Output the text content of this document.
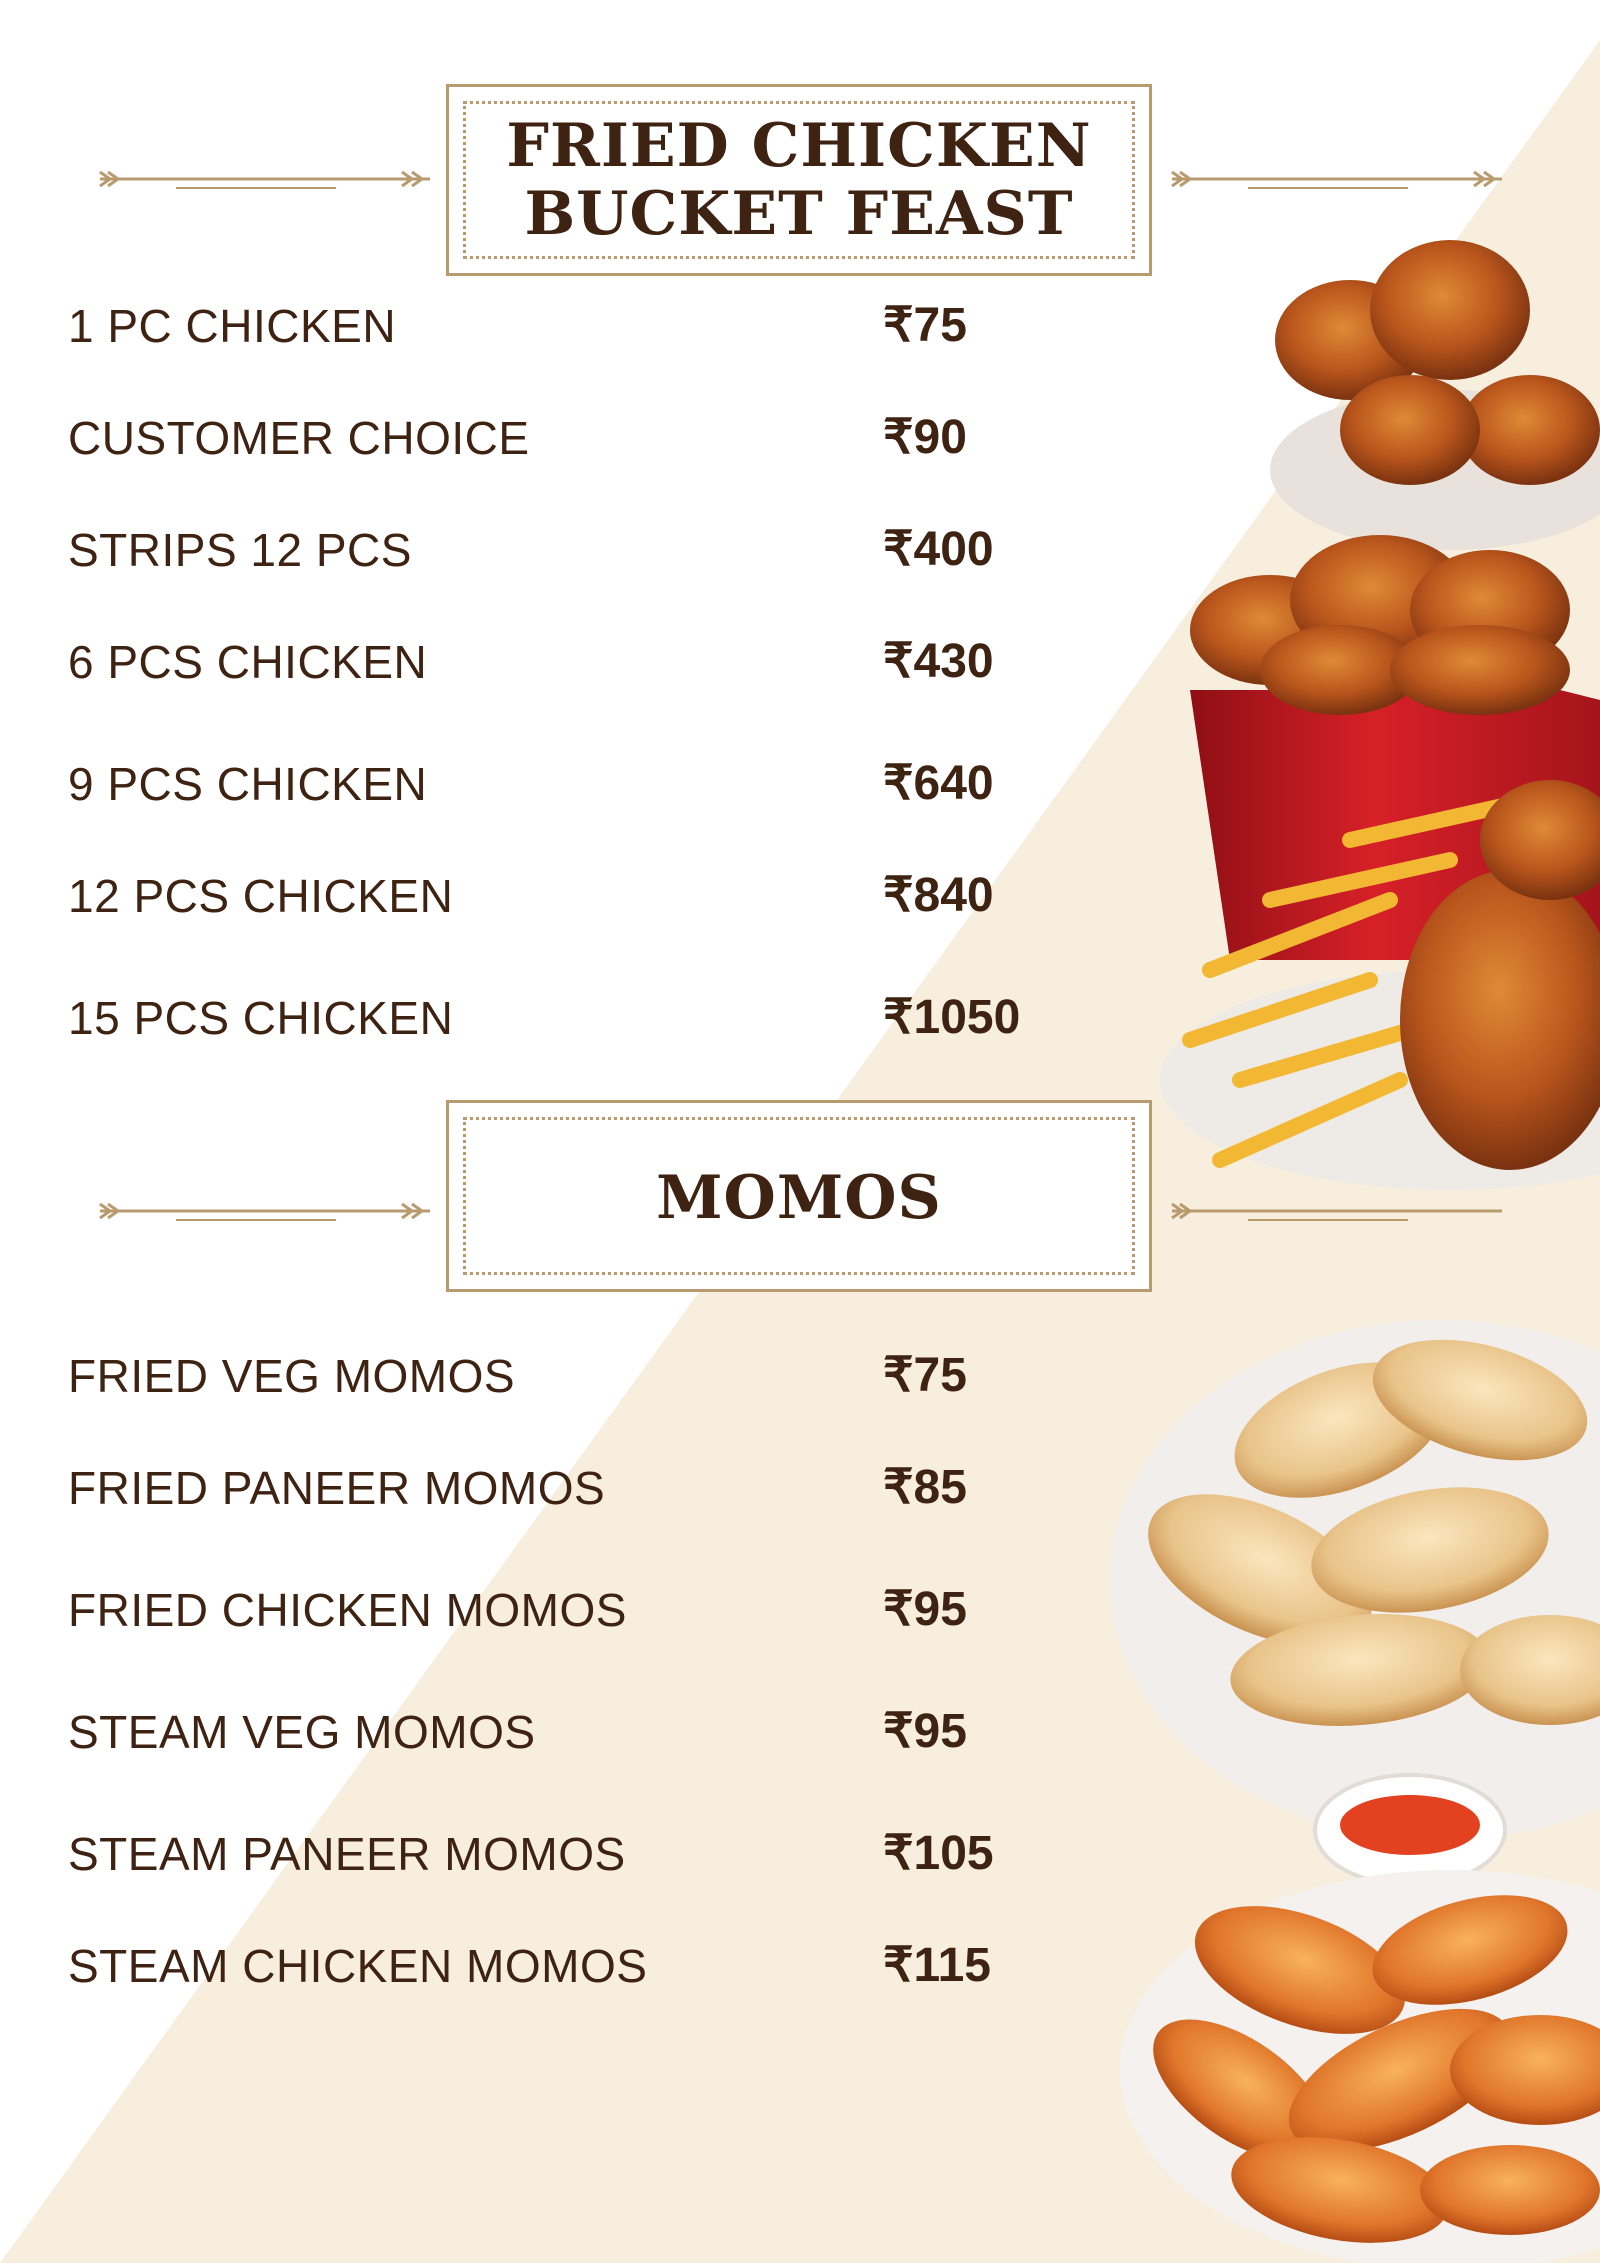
FRIED CHICKEN
BUCKET FEAST
1 PC CHICKEN	₹75
CUSTOMER CHOICE	₹90
STRIPS 12 PCS	₹400
6 PCS CHICKEN	₹430
9 PCS CHICKEN	₹640
12 PCS CHICKEN	₹840
15 PCS CHICKEN	₹1050
MOMOS
FRIED VEG MOMOS	₹75
FRIED PANEER MOMOS	₹85
FRIED CHICKEN MOMOS	₹95
STEAM VEG MOMOS	₹95
STEAM PANEER MOMOS	₹105
STEAM CHICKEN MOMOS	₹115
